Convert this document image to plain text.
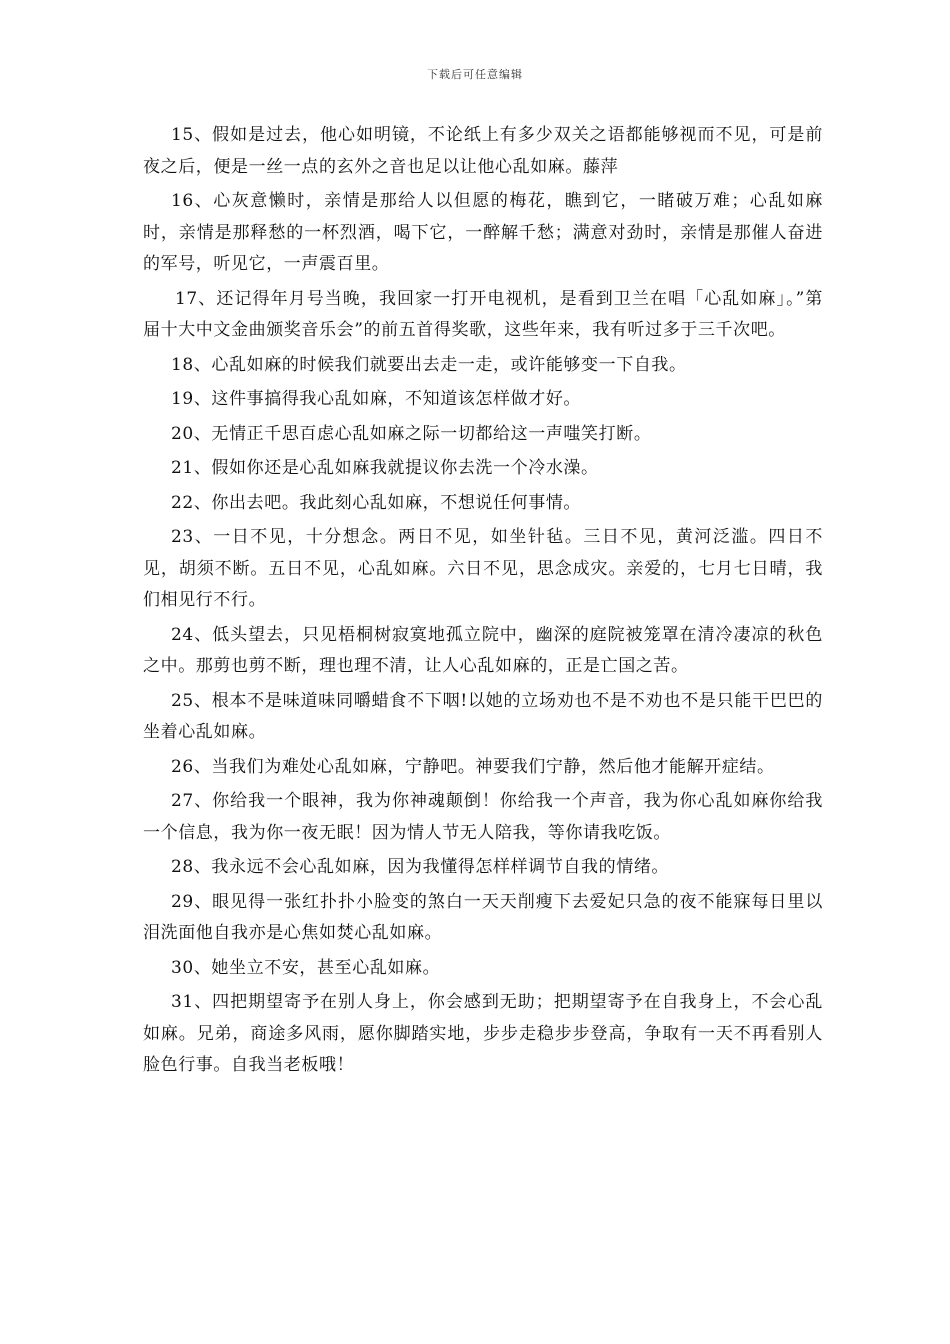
下载后可任意编辑

15、假如是过去，他心如明镜，不论纸上有多少双关之语都能够视而不见，可是前夜之后，便是一丝一点的玄外之音也足以让他心乱如麻。藤萍

16、心灰意懒时，亲情是那给人以但愿的梅花，瞧到它，一睹破万难；心乱如麻时，亲情是那释愁的一杯烈酒，喝下它，一醉解千愁；满意对劲时，亲情是那催人奋进的军号，听见它，一声震百里。

17、还记得年月号当晚，我回家一打开电视机，是看到卫兰在唱「心乱如麻」。”第届十大中文金曲颁奖音乐会”的前五首得奖歌，这些年来，我有听过多于三千次吧。

18、心乱如麻的时候我们就要出去走一走，或许能够变一下自我。

19、这件事搞得我心乱如麻，不知道该怎样做才好。

20、无情正千思百虑心乱如麻之际一切都给这一声嗤笑打断。

21、假如你还是心乱如麻我就提议你去洗一个冷水澡。

22、你出去吧。我此刻心乱如麻，不想说任何事情。

23、一日不见，十分想念。两日不见，如坐针毡。三日不见，黄河泛滥。四日不见，胡须不断。五日不见，心乱如麻。六日不见，思念成灾。亲爱的，七月七日晴，我们相见行不行。

24、低头望去，只见梧桐树寂寞地孤立院中，幽深的庭院被笼罩在清冷凄凉的秋色之中。那剪也剪不断，理也理不清，让人心乱如麻的，正是亡国之苦。

25、根本不是味道味同嚼蜡食不下咽!以她的立场劝也不是不劝也不是只能干巴巴的坐着心乱如麻。

26、当我们为难处心乱如麻，宁静吧。神要我们宁静，然后他才能解开症结。

27、你给我一个眼神，我为你神魂颠倒！你给我一个声音，我为你心乱如麻你给我一个信息，我为你一夜无眠！因为情人节无人陪我，等你请我吃饭。

28、我永远不会心乱如麻，因为我懂得怎样样调节自我的情绪。

29、眼见得一张红扑扑小脸变的煞白一天天削瘦下去爱妃只急的夜不能寐每日里以泪洗面他自我亦是心焦如焚心乱如麻。

30、她坐立不安，甚至心乱如麻。

31、四把期望寄予在别人身上，你会感到无助；把期望寄予在自我身上，不会心乱如麻。兄弟，商途多风雨，愿你脚踏实地，步步走稳步步登高，争取有一天不再看别人脸色行事。自我当老板哦！
